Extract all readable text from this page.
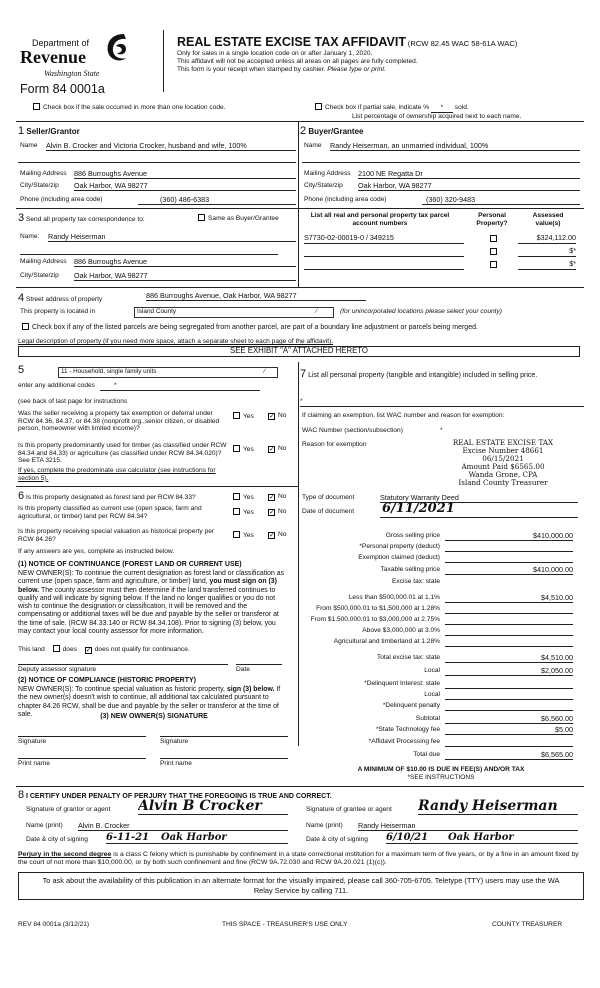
Department of
Revenue
Washington State
Form 84 0001a
REAL ESTATE EXCISE TAX AFFIDAVIT (RCW 82.45 WAC 58-61A WAC)
Only for sales in a single location code on or after January 1, 2020.
This affidavit will not be accepted unless all areas on all pages are fully completed.
This form is your receipt when stamped by cashier. Please type or print.
Check box if the sale occurred in more than one location code.	Check box if partial sale, indicate % * sold.
List percentage of ownership acquired next to each name.
1 Seller/Grantor
Name Alvin B. Crocker and Victoria Crocker, husband and wife, 100%
Mailing Address 886 Burroughs Avenue
City/State/zip Oak Harbor, WA 98277
Phone (including area code)	(360) 486-6383
2 Buyer/Grantee
Name Randy Heiserman, an unmarried individual, 100%
Mailing Address 2100 NE Regatta Dr
City/State/zip Oak Harbor, WA 98277
Phone (including area code)	(360) 320-9483
3 Send all property tax correspondence to:	Same as Buyer/Grantee
Name: Randy Heiserman
Mailing Address 886 Burroughs Avenue
City/State/zip Oak Harbor, WA 98277
List all real and personal property tax parcel account numbers
Personal Property?
Assessed value(s)
S7730-02-00019-0 / 349215	$324,112.00
$*
$*
4 Street address of property	886 Burroughs Avenue, Oak Harbor, WA 98277
This property is located in	Island County	⁄	(for unincorporated locations please select your county)
Check box if any of the listed parcels are being segregated from another parcel, are part of a boundary line adjustment or parcels being merged.
Legal description of property (if you need more space, attach a separate sheet to each page of the affidavit).
SEE EXHIBIT "A" ATTACHED HERETO
5	11 - Household, single family units	⁄
enter any additional codes	*
(see back of last page for instructions
Was the seller receiving a property tax exemption or deferral under RCW 84.36, 84.37, or 84.38 (nonprofit org.,senior citizen, or disabled person, homeowner with limited income)?
Yes ✓ No
Is this property predominantly used for timber (as classified under RCW 84.34 and 84.33) or agriculture (as classified under RCW 84.34.020)? See ETA 3215.
Yes ✓ No
If yes, complete the predominate use calculator (see instructions for section 5).
6 Is this property designated as forest land per RCW 84.33?	Yes ✓ No
Is this property classified as current use (open space, farm and agricultural, or timber) land per RCW 84.34?
Yes ✓ No
Is this property receiving special valuation as historical property per RCW 84.26?
Yes ✓ No
If any answers are yes, complete as instructed below.
(1) NOTICE OF CONTINUANCE (FOREST LAND OR CURRENT USE)
NEW OWNER(S): To continue the current designation as forest land or classification as current use (open space, farm and agriculture, or timber) land, you must sign on (3) below. The county assessor must then determine if the land transferred continues to qualify and will indicate by signing below. If the land no longer qualifies or you do not wish to continue the designation or classification, it will be removed and the compensating or additional taxes will be due and payable by the seller or transferor at the time of sale. (RCW 84.33.140 or RCW 84.34.108). Prior to signing (3) below, you may contact your local county assessor for more information.
This land	does ✓ does not qualify for continuance.
Deputy assessor signature	Date
(2) NOTICE OF COMPLIANCE (HISTORIC PROPERTY)
NEW OWNER(S): To continue special valuation as historic property, sign (3) below. If the new owner(s) doesn't wish to continue, all additional tax calculated pursuant to chapter 84.26 RCW, shall be due and payable by the seller or transferor at the time of sale.	(3) NEW OWNER(S) SIGNATURE
Signature	Signature
Print name	Print name
7 List all personal property (tangible and intangible) included in selling price.
*
If claiming an exemption, list WAC number and reason for exemption:
WAC Number (section/subsection)	*
Reason for exemption	REAL ESTATE EXCISE TAX
Excise Number 48661
06/15/2021
Amount Paid $6565.00
Wanda Grone, CPA
Island County Treasurer
Type of document	Statutory Warranty Deed
Date of document 6/11/2021
Gross selling price	$410,000.00
*Personal property (deduct)
Exemption claimed (deduct)
Taxable selling price	$410,000.00
Excise tax: state
Less than $500,000.01 at 1.1%	$4,510.00
From $500,000.01 to $1,500,000 at 1.28%
From $1,500,000.01 to $3,000,000 at 2.75%
Above $3,000,000 at 3.0%
Agricultural and timberland at 1.28%
Total excise tax: state	$4,510.00
Local	$2,050.00
*Delinquent Interest: state
Local
*Delinquent penalty
Subtotal	$6,560.00
*State Technology fee	$5.00
*Affidavit Processing fee
Total due	$6,565.00
A MINIMUM OF $10.00 IS DUE IN FEE(S) AND/OR TAX
*SEE INSTRUCTIONS
8 I CERTIFY UNDER PENALTY OF PERJURY THAT THE FOREGOING IS TRUE AND CORRECT.
Signature of grantor or agent Alvin B Crocker
Name (print) Alvin B. Crocker
Date & city of signing 6-11-21 Oak Harbor
Signature of grantee or agent Randy Heiserman
Name (print) Randy Heiserman
Date & city of signing 6/10/21 Oak Harbor
Perjury in the second degree is a class C felony which is punishable by confinement in a state correctional institution for a maximum term of five years, or by a fine in an amount fixed by the court of not more than $10,000.00, or by both such confinement and fine (RCW 9A.72.030 and RCW 9A.20.021 (1)(c)).
To ask about the availability of this publication in an alternate format for the visually impaired, please call 360-705-6705. Teletype (TTY) users may use the WA Relay Service by calling 711.
REV 84 0001a (3/12/21)	THIS SPACE - TREASURER'S USE ONLY	COUNTY TREASURER
